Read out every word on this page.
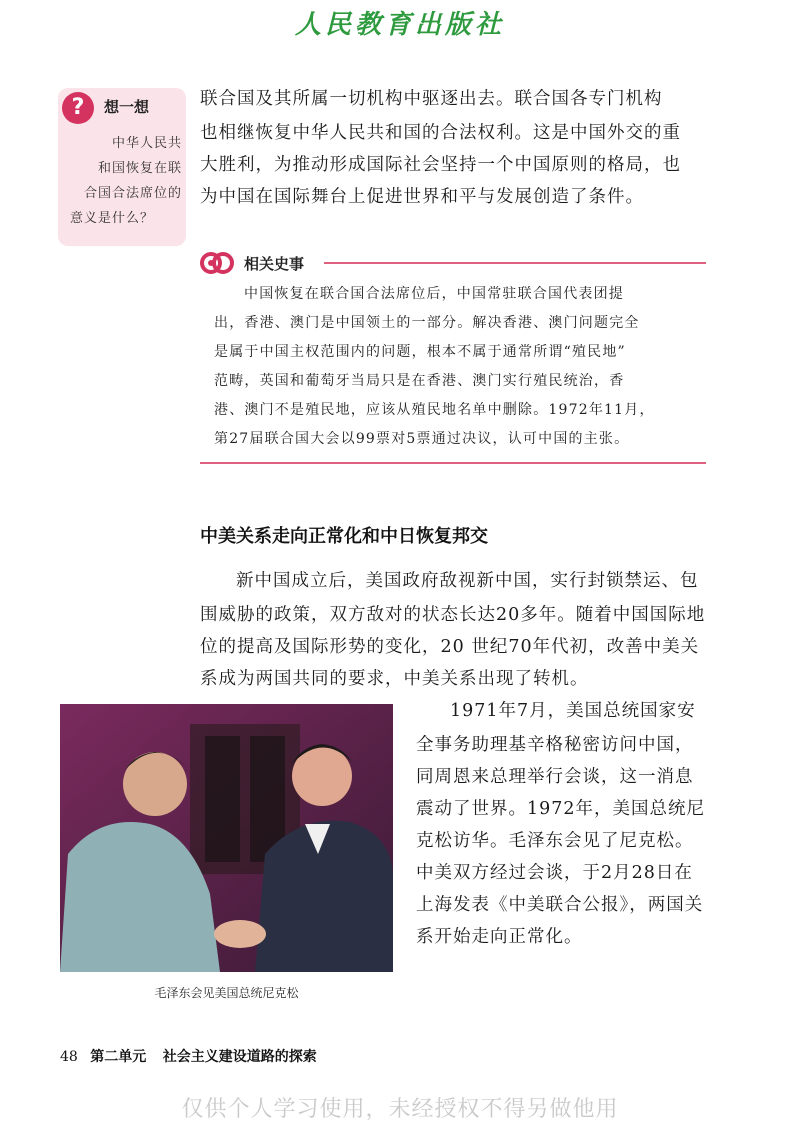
人民教育出版社
?	想一想
中华人民共
和国恢复在联
合国合法席位的
意义是什么？
联合国及其所属一切机构中驱逐出去。联合国各专门机构
也相继恢复中华人民共和国的合法权利。这是中国外交的重
大胜利，为推动形成国际社会坚持一个中国原则的格局，也
为中国在国际舞台上促进世界和平与发展创造了条件。
相关史事
中国恢复在联合国合法席位后，中国常驻联合国代表团提
出，香港、澳门是中国领土的一部分。解决香港、澳门问题完全
是属于中国主权范围内的问题，根本不属于通常所谓“殖民地”
范畴，英国和葡萄牙当局只是在香港、澳门实行殖民统治，香
港、澳门不是殖民地，应该从殖民地名单中删除。1972年11月，
第27届联合国大会以99票对5票通过决议，认可中国的主张。
中美关系走向正常化和中日恢复邦交
新中国成立后，美国政府敌视新中国，实行封锁禁运、包
围威胁的政策，双方敌对的状态长达20多年。随着中国国际地
位的提高及国际形势的变化，20 世纪70年代初，改善中美关
系成为两国共同的要求，中美关系出现了转机。
毛泽东会见美国总统尼克松
1971年7月，美国总统国家安
全事务助理基辛格秘密访问中国，
同周恩来总理举行会谈，这一消息
震动了世界。1972年，美国总统尼
克松访华。毛泽东会见了尼克松。
中美双方经过会谈，于2月28日在
上海发表《中美联合公报》，两国关
系开始走向正常化。
48 第二单元 社会主义建设道路的探索
仅供个人学习使用，未经授权不得另做他用
